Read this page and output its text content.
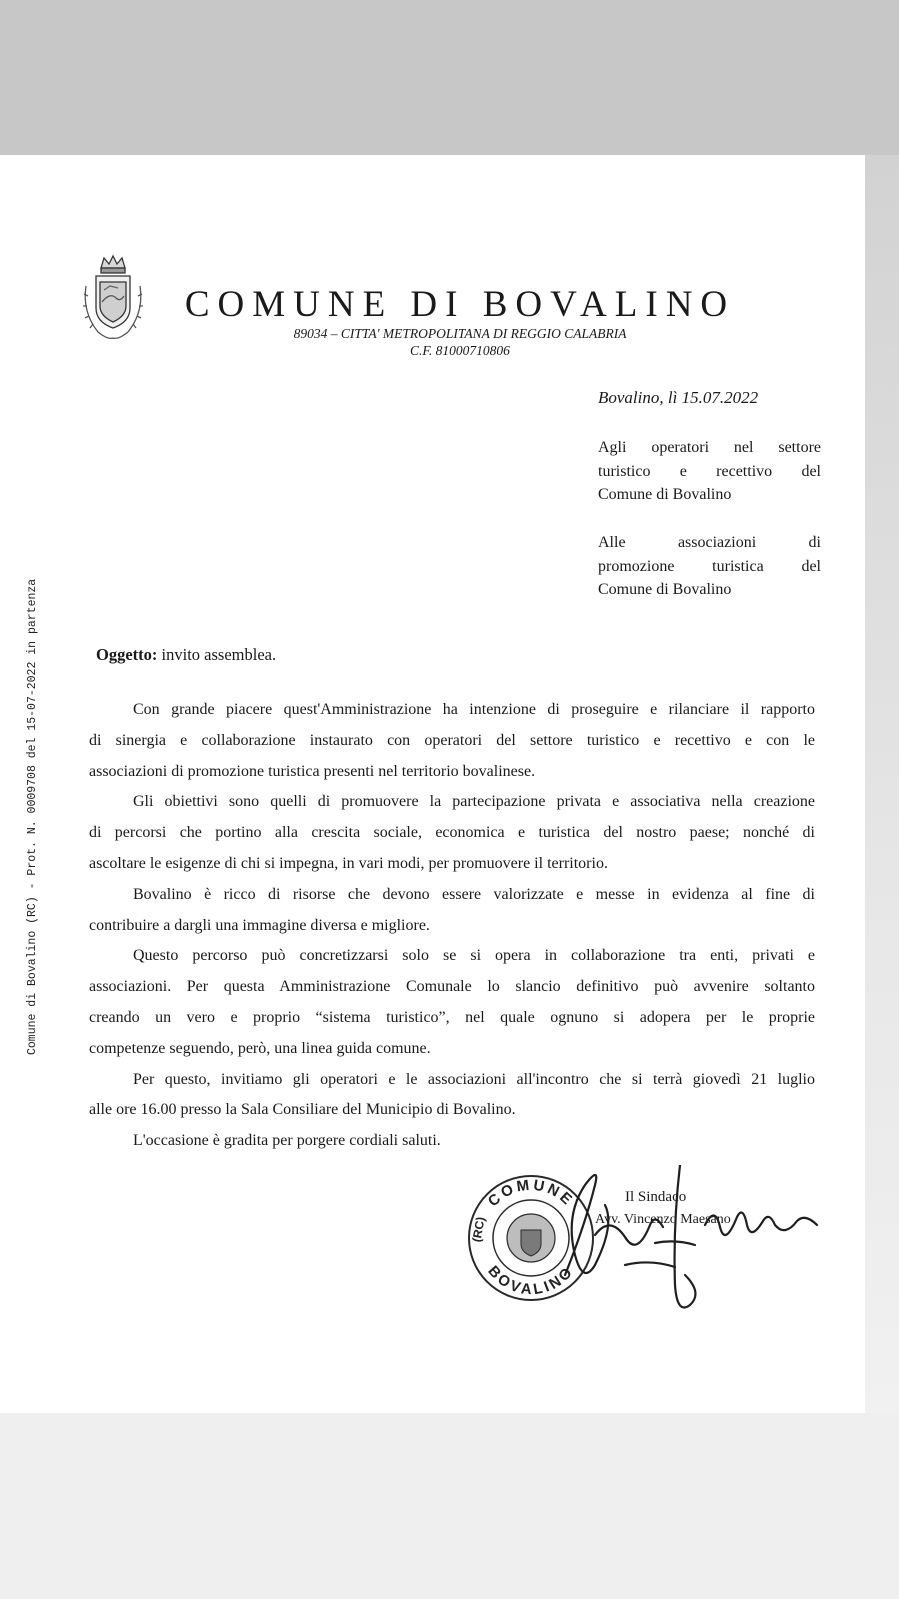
COMUNE DI BOVALINO
89034 – CITTA' METROPOLITANA DI REGGIO CALABRIA
C.F. 81000710806
Bovalino, lì 15.07.2022
Agli operatori nel settore
turistico e recettivo del
Comune di Bovalino
Alle associazioni di
promozione turistica del
Comune di Bovalino
Oggetto: invito assemblea.
Con grande piacere quest'Amministrazione ha intenzione di proseguire e rilanciare il rapporto
di sinergia e collaborazione instaurato con operatori del settore turistico e recettivo e con le
associazioni di promozione turistica presenti nel territorio bovalinese.
Gli obiettivi sono quelli di promuovere la partecipazione privata e associativa nella creazione
di percorsi che portino alla crescita sociale, economica e turistica del nostro paese; nonché di
ascoltare le esigenze di chi si impegna, in vari modi, per promuovere il territorio.
Bovalino è ricco di risorse che devono essere valorizzate e messe in evidenza al fine di
contribuire a dargli una immagine diversa e migliore.
Questo percorso può concretizzarsi solo se si opera in collaborazione tra enti, privati e
associazioni. Per questa Amministrazione Comunale lo slancio definitivo può avvenire soltanto
creando un vero e proprio “sistema turistico”, nel quale ognuno si adopera per le proprie
competenze seguendo, però, una linea guida comune.
Per questo, invitiamo gli operatori e le associazioni all'incontro che si terrà giovedì 21 luglio
alle ore 16.00 presso la Sala Consiliare del Municipio di Bovalino.
L'occasione è gradita per porgere cordiali saluti.
Comune di Bovalino (RC) - Prot. N. 0009708 del 15-07-2022 in partenza
COMUNE
BOVALINO
(RC)
Il Sindaco
Avv. Vincenzo Maesano
